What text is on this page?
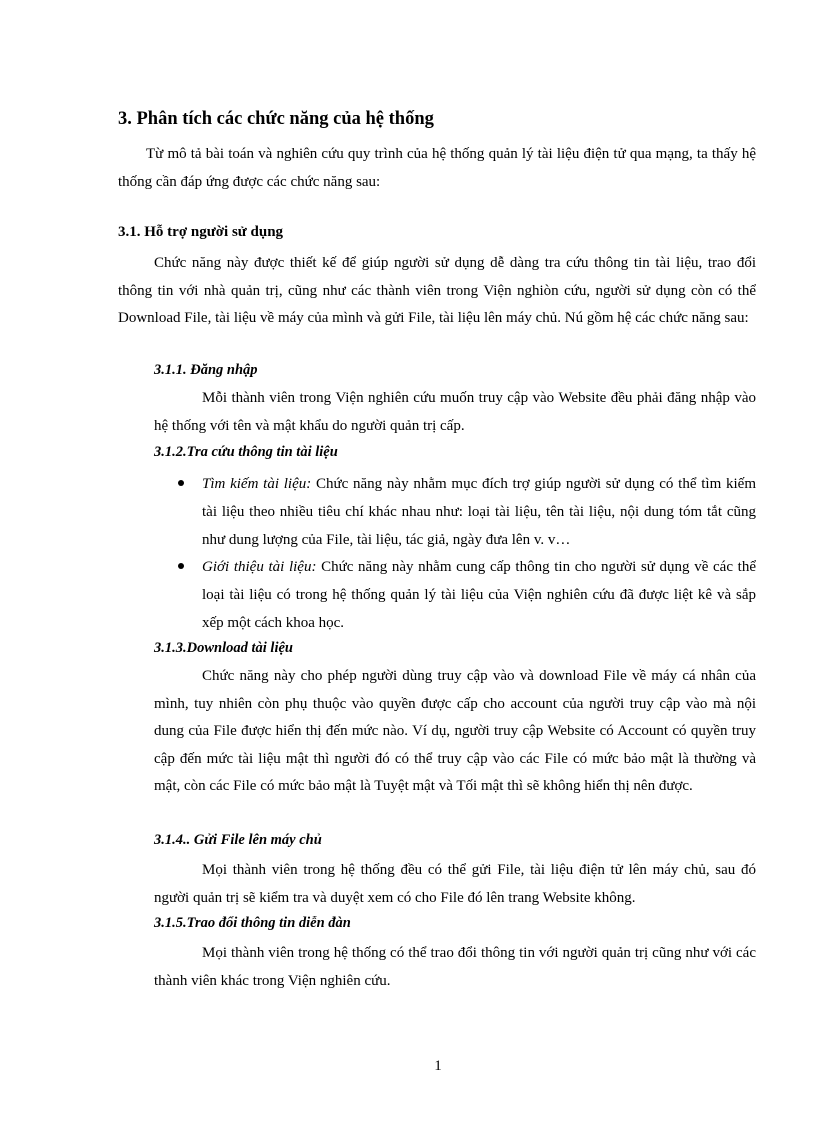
3. Phân tích các chức năng của hệ thống

Từ mô tả bài toán và nghiên cứu quy trình của hệ thống quản lý tài liệu điện tử qua mạng, ta thấy hệ thống cần đáp ứng được các chức năng sau:

3.1. Hỗ trợ người sử dụng

Chức năng này được thiết kế để giúp người sử dụng dễ dàng tra cứu thông tin tài liệu, trao đổi thông tin với nhà quản trị, cũng như các thành viên trong Viện nghiòn cứu, người sử dụng còn có thể Download File, tài liệu về máy của mình và gửi File, tài liệu lên máy chủ. Nú gồm hệ các chức năng sau:

3.1.1. Đăng nhập

Mỗi thành viên trong Viện nghiên cứu muốn truy cập vào Website đều phải đăng nhập vào hệ thống với tên và mật khẩu do người quản trị cấp.

3.1.2.Tra cứu thông tin tài liệu

Tìm kiếm tài liệu: Chức năng này nhằm mục đích trợ giúp người sử dụng có thể tìm kiếm tài liệu theo nhiều tiêu chí khác nhau như: loại tài liệu, tên tài liệu, nội dung tóm tắt cũng như dung lượng của File, tài liệu, tác giả, ngày đưa lên v. v…

Giới thiệu tài liệu: Chức năng này nhằm cung cấp thông tin cho người sử dụng về các thể loại tài liệu có trong hệ thống quản lý tài liệu của Viện nghiên cứu đã được liệt kê và sắp xếp một cách khoa học.

3.1.3.Download tài liệu

Chức năng này cho phép người dùng truy cập vào và download File về máy cá nhân của mình, tuy nhiên còn phụ thuộc vào quyền được cấp cho account của người truy cập vào mà nội dung của File được hiển thị đến mức nào. Ví dụ, người truy cập Website có Account có quyền truy cập đến mức tài liệu mật thì người đó có thể truy cập vào các File có mức bảo mật là thường và mật, còn các File có mức bảo mật là Tuyệt mật và Tối mật thì sẽ không hiển thị nên được.

3.1.4.. Gửi File lên máy chủ

Mọi thành viên trong hệ thống đều có thể gửi File, tài liệu điện tử lên máy chủ, sau đó người quản trị sẽ kiểm tra và duyệt xem có cho File đó lên trang Website không.

3.1.5.Trao đổi thông tin diễn đàn

Mọi thành viên trong hệ thống có thể trao đổi thông tin với người quản trị cũng như với các thành viên khác trong Viện nghiên cứu.

1
